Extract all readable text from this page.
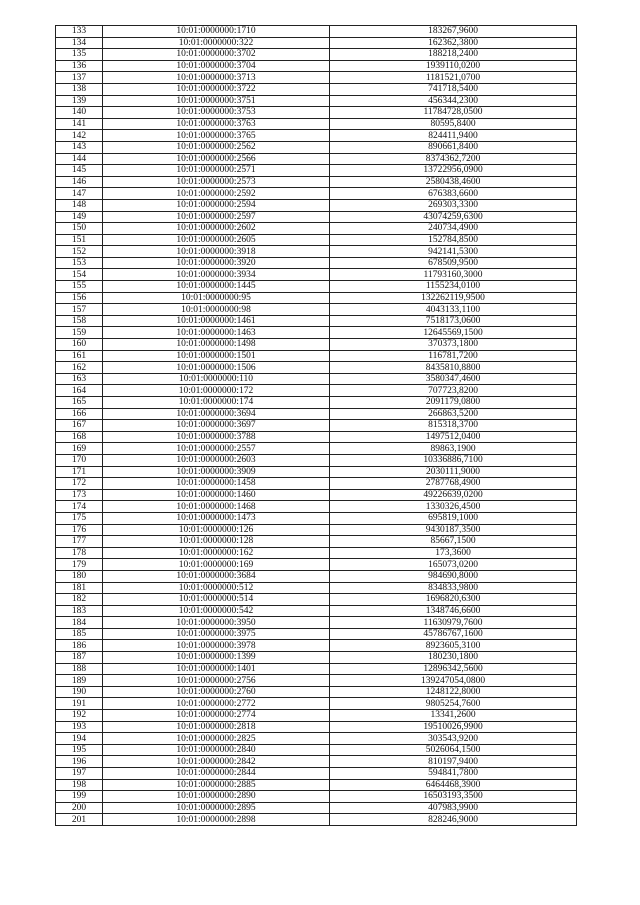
133	10:01:0000000:1710	183267,9600
134	10:01:0000000:322	162362,3800
135	10:01:0000000:3702	188218,2400
136	10:01:0000000:3704	1939110,0200
137	10:01:0000000:3713	1181521,0700
138	10:01:0000000:3722	741718,5400
139	10:01:0000000:3751	456344,2300
140	10:01:0000000:3753	11784728,0500
141	10:01:0000000:3763	80595,8400
142	10:01:0000000:3765	824411,9400
143	10:01:0000000:2562	890661,8400
144	10:01:0000000:2566	8374362,7200
145	10:01:0000000:2571	13722956,0900
146	10:01:0000000:2573	2580438,4600
147	10:01:0000000:2592	676383,6600
148	10:01:0000000:2594	269303,3300
149	10:01:0000000:2597	43074259,6300
150	10:01:0000000:2602	240734,4900
151	10:01:0000000:2605	152784,8500
152	10:01:0000000:3918	942141,5300
153	10:01:0000000:3920	678509,9500
154	10:01:0000000:3934	11793160,3000
155	10:01:0000000:1445	1155234,0100
156	10:01:0000000:95	132262119,9500
157	10:01:0000000:98	4043133,1100
158	10:01:0000000:1461	7518173,0600
159	10:01:0000000:1463	12645569,1500
160	10:01:0000000:1498	370373,1800
161	10:01:0000000:1501	116781,7200
162	10:01:0000000:1506	8435810,8800
163	10:01:0000000:110	3580347,4600
164	10:01:0000000:172	707723,8200
165	10:01:0000000:174	2091179,0800
166	10:01:0000000:3694	266863,5200
167	10:01:0000000:3697	815318,3700
168	10:01:0000000:3788	1497512,0400
169	10:01:0000000:2557	89863,1900
170	10:01:0000000:2603	10336886,7100
171	10:01:0000000:3909	2030111,9000
172	10:01:0000000:1458	2787768,4900
173	10:01:0000000:1460	49226639,0200
174	10:01:0000000:1468	1330326,4500
175	10:01:0000000:1473	695819,1000
176	10:01:0000000:126	9430187,3500
177	10:01:0000000:128	85667,1500
178	10:01:0000000:162	173,3600
179	10:01:0000000:169	165073,0200
180	10:01:0000000:3684	984690,8000
181	10:01:0000000:512	834833,9800
182	10:01:0000000:514	1696820,6300
183	10:01:0000000:542	1348746,6600
184	10:01:0000000:3950	11630979,7600
185	10:01:0000000:3975	45786767,1600
186	10:01:0000000:3978	8923605,3100
187	10:01:0000000:1399	180230,1800
188	10:01:0000000:1401	12896342,5600
189	10:01:0000000:2756	139247054,0800
190	10:01:0000000:2760	1248122,8000
191	10:01:0000000:2772	9805254,7600
192	10:01:0000000:2774	13341,2600
193	10:01:0000000:2818	19510026,9900
194	10:01:0000000:2825	303543,9200
195	10:01:0000000:2840	5026064,1500
196	10:01:0000000:2842	810197,9400
197	10:01:0000000:2844	594841,7800
198	10:01:0000000:2885	6464468,3900
199	10:01:0000000:2890	16503193,3500
200	10:01:0000000:2895	407983,9900
201	10:01:0000000:2898	828246,9000
